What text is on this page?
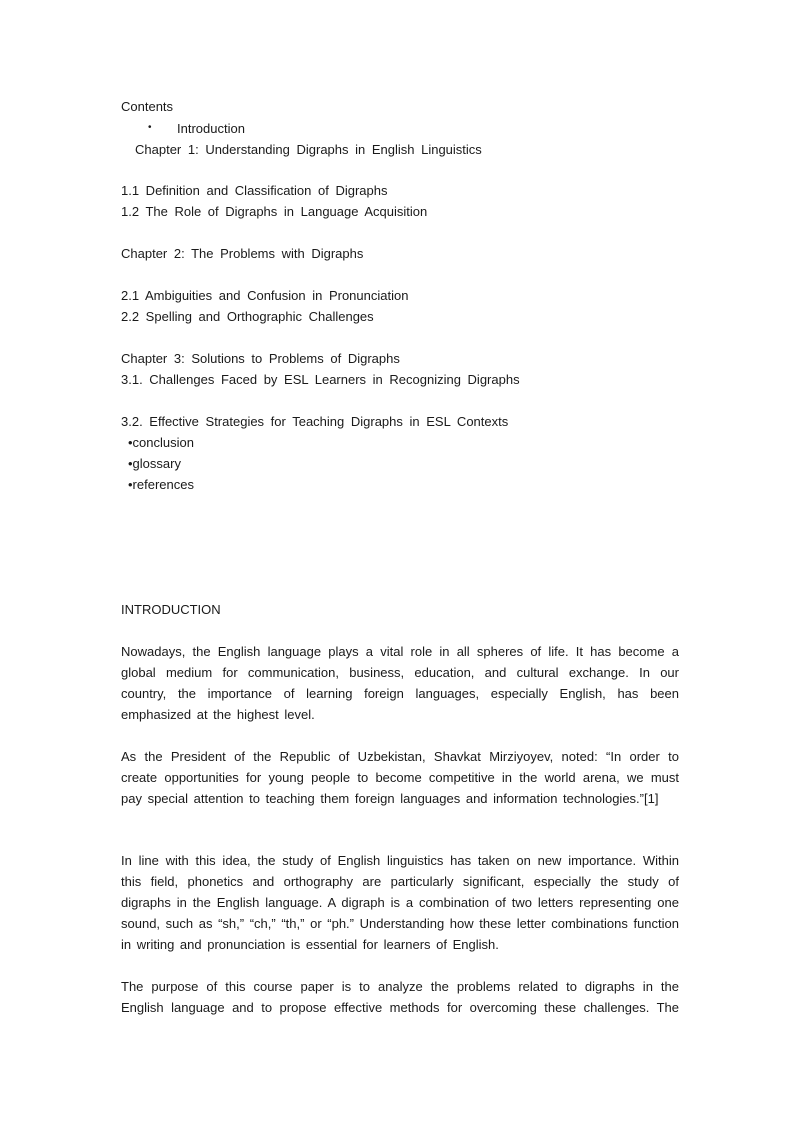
Contents
• Introduction
Chapter 1: Understanding Digraphs in English Linguistics
1.1 Definition and Classification of Digraphs
1.2 The Role of Digraphs in Language Acquisition
Chapter 2: The Problems with Digraphs
2.1 Ambiguities and Confusion in Pronunciation
2.2 Spelling and Orthographic Challenges
Chapter 3: Solutions to Problems of Digraphs
3.1. Challenges Faced by ESL Learners in Recognizing Digraphs
3.2. Effective Strategies for Teaching Digraphs in ESL Contexts
•conclusion
•glossary
•references
INTRODUCTION
Nowadays, the English language plays a vital role in all spheres of life. It has become a global medium for communication, business, education, and cultural exchange. In our country, the importance of learning foreign languages, especially English, has been emphasized at the highest level.
As the President of the Republic of Uzbekistan, Shavkat Mirziyoyev, noted: “In order to create opportunities for young people to become competitive in the world arena, we must pay special attention to teaching them foreign languages and information technologies.”[1]
In line with this idea, the study of English linguistics has taken on new importance. Within this field, phonetics and orthography are particularly significant, especially the study of digraphs in the English language. A digraph is a combination of two letters representing one sound, such as “sh,” “ch,” “th,” or “ph.” Understanding how these letter combinations function in writing and pronunciation is essential for learners of English.
The purpose of this course paper is to analyze the problems related to digraphs in the English language and to propose effective methods for overcoming these challenges. The
